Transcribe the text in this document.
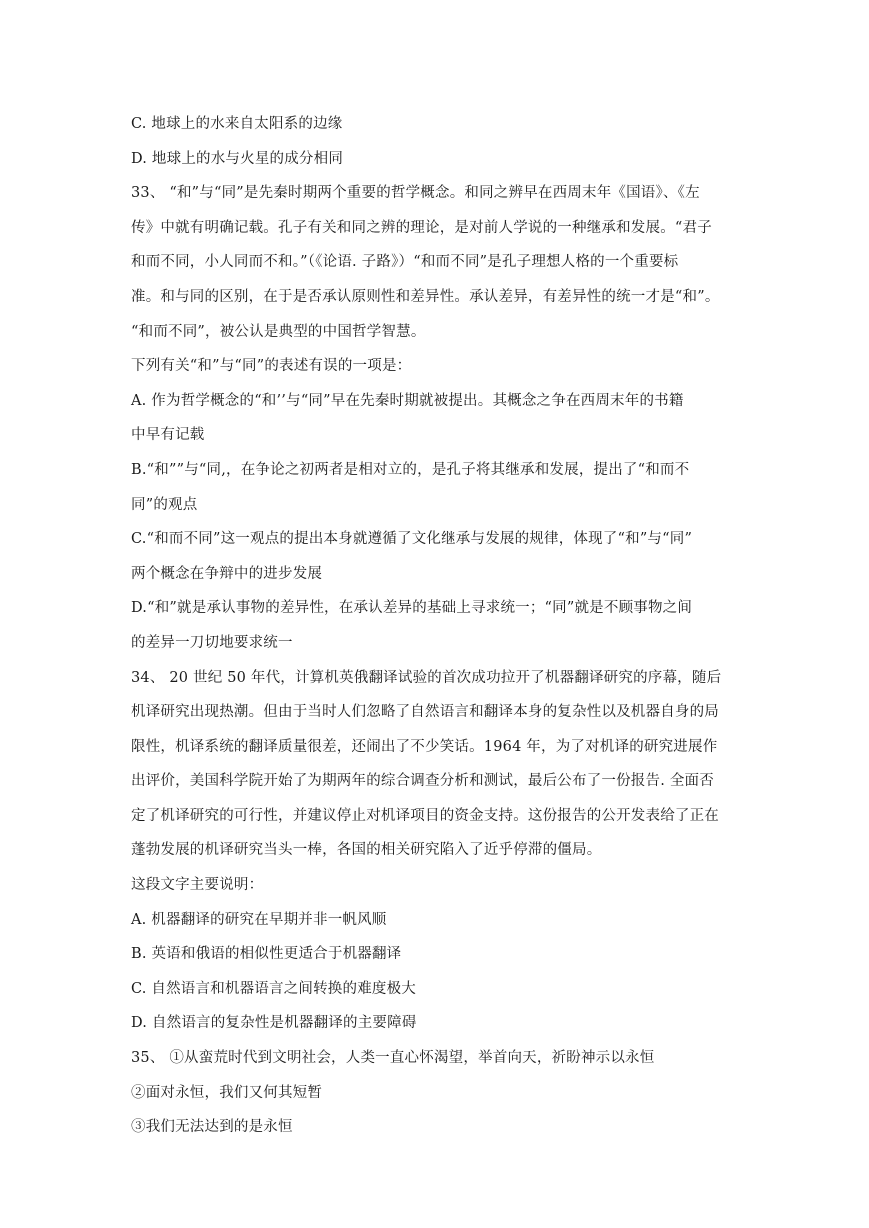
C. 地球上的水来自太阳系的边缘
D. 地球上的水与火星的成分相同
33、 “和”与“同”是先秦时期两个重要的哲学概念。和同之辨早在西周末年《国语》、《左
传》中就有明确记载。孔子有关和同之辨的理论，是对前人学说的一种继承和发展。“君子
和而不同，小人同而不和。”（《论语. 子路》）“和而不同”是孔子理想人格的一个重要标
准。和与同的区别，在于是否承认原则性和差异性。承认差异，有差异性的统一才是“和”。
“和而不同”，被公认是典型的中国哲学智慧。
下列有关“和”与“同”的表述有误的一项是：
A. 作为哲学概念的“和’’与“同”早在先秦时期就被提出。其概念之争在西周末年的书籍
中早有记载
B.“和””与“同,，在争论之初两者是相对立的，是孔子将其继承和发展，提出了“和而不
同”的观点
C.“和而不同”这一观点的提出本身就遵循了文化继承与发展的规律，体现了“和”与“同”
两个概念在争辩中的进步发展
D.“和”就是承认事物的差异性，在承认差异的基础上寻求统一；“同”就是不顾事物之间
的差异一刀切地要求统一
34、 20 世纪 50 年代，计算机英俄翻译试验的首次成功拉开了机器翻译研究的序幕，随后
机译研究出现热潮。但由于当时人们忽略了自然语言和翻译本身的复杂性以及机器自身的局
限性，机译系统的翻译质量很差，还闹出了不少笑话。1964 年，为了对机译的研究进展作
出评价，美国科学院开始了为期两年的综合调查分析和测试，最后公布了一份报告. 全面否
定了机译研究的可行性，并建议停止对机译项目的资金支持。这份报告的公开发表给了正在
蓬勃发展的机译研究当头一棒，各国的相关研究陷入了近乎停滞的僵局。
这段文字主要说明：
A. 机器翻译的研究在早期并非一帆风顺
B. 英语和俄语的相似性更适合于机器翻译
C. 自然语言和机器语言之间转换的难度极大
D. 自然语言的复杂性是机器翻译的主要障碍
35、 ①从蛮荒时代到文明社会，人类一直心怀渴望，举首向天，祈盼神示以永恒
②面对永恒，我们又何其短暂
③我们无法达到的是永恒
